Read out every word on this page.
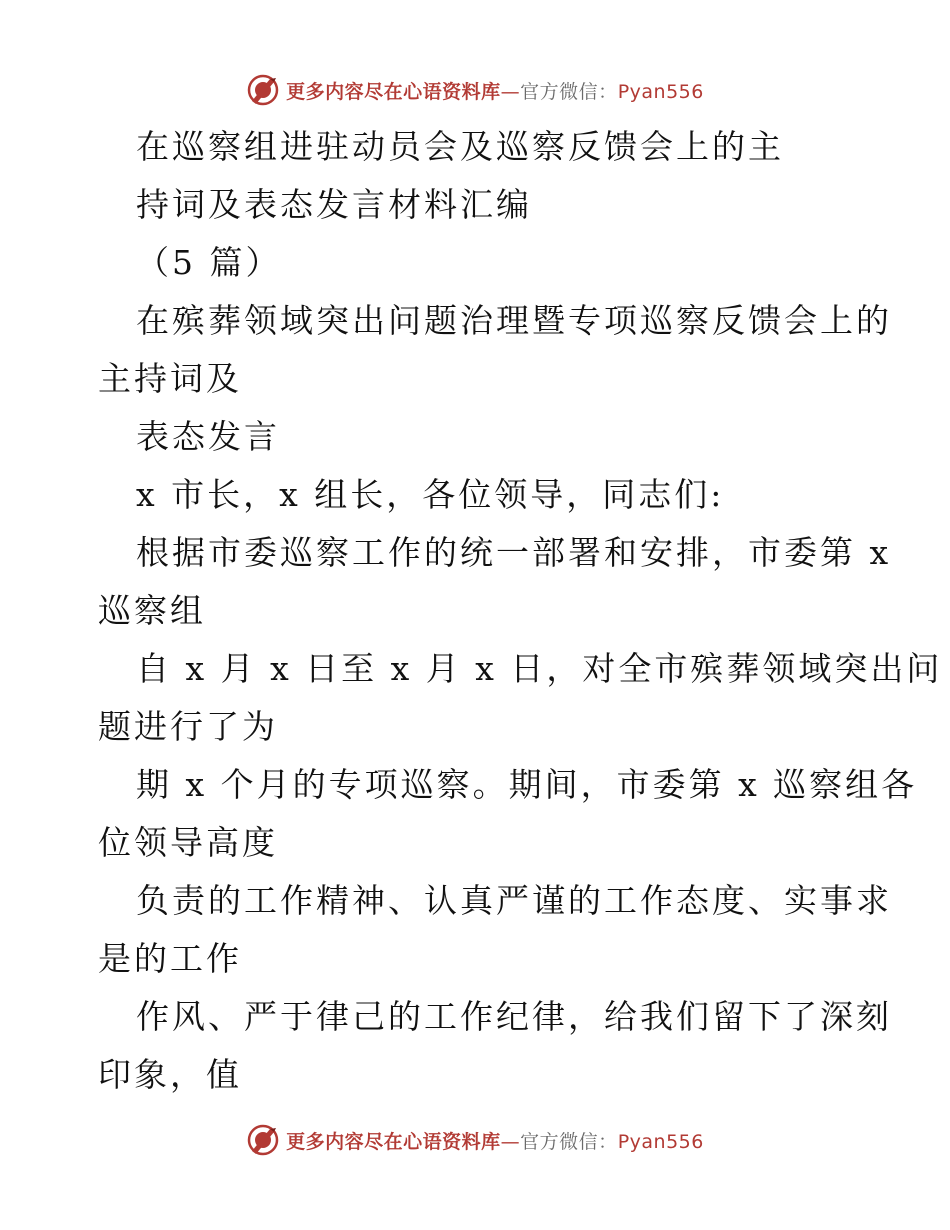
更多内容尽在心语资料库—官方微信：Pyan556
在巡察组进驻动员会及巡察反馈会上的主
持词及表态发言材料汇编
（5 篇）
在殡葬领域突出问题治理暨专项巡察反馈会上的
主持词及
表态发言
x 市长，x 组长，各位领导，同志们:
根据市委巡察工作的统一部署和安排，市委第 x
巡察组
自 x 月 x 日至 x 月 x 日，对全市殡葬领域突出问
题进行了为
期 x 个月的专项巡察。期间，市委第 x 巡察组各
位领导高度
负责的工作精神、认真严谨的工作态度、实事求
是的工作
作风、严于律己的工作纪律，给我们留下了深刻
印象，值
更多内容尽在心语资料库—官方微信：Pyan556
